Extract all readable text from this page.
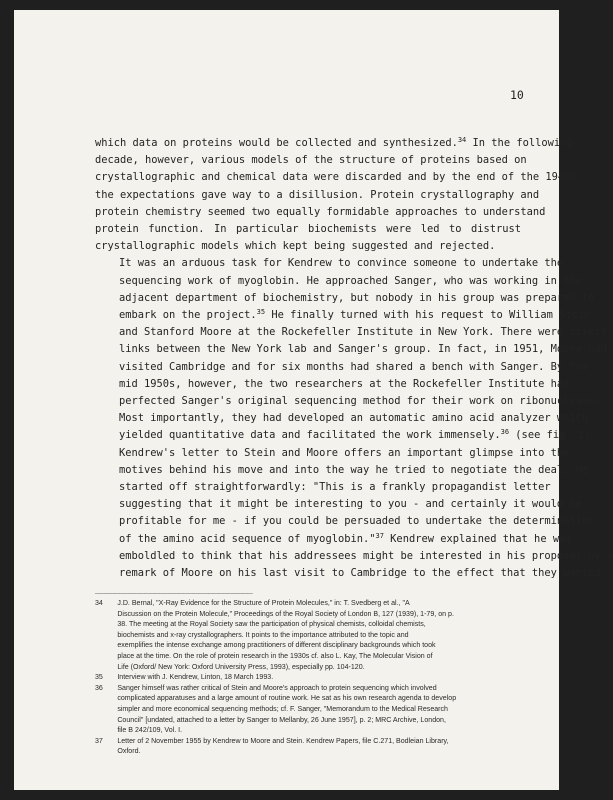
10

which data on proteins would be collected and synthesized.$^{34}$ In the following
decade, however, various models of the structure of proteins based on
crystallographic and chemical data were discarded and by the end of the 1940s
the expectations gave way to a disillusion. Protein crystallography and
protein chemistry seemed two equally formidable approaches to understand
protein function. In particular biochemists were led to distrust
crystallographic models which kept being suggested and rejected.

It was an arduous task for Kendrew to convince someone to undertake the
sequencing work of myoglobin. He approached Sanger, who was working in the
adjacent department of biochemistry, but nobody in his group was prepared to
embark on the project.$^{35}$ He finally turned with his request to William Stein
and Stanford Moore at the Rockefeller Institute in New York. There were direct
links between the New York lab and Sanger's group. In fact, in 1951, Moore had
visited Cambridge and for six months had shared a bench with Sanger. By the
mid 1950s, however, the two researchers at the Rockefeller Institute had
perfected Sanger's original sequencing method for their work on ribonuclease.
Most importantly, they had developed an automatic amino acid analyzer which
yielded quantitative data and facilitated the work immensely.$^{36}$ (see fig. 1)

Kendrew's letter to Stein and Moore offers an important glimpse into the
motives behind his move and into the way he tried to negotiate the deal. He
started off straightforwardly: "This is a frankly propagandist letter
suggesting that it might be interesting to you - and certainly it would be
profitable for me - if you could be persuaded to undertake the determination
of the amino acid sequence of myoglobin."$^{37}$ Kendrew explained that he was
emboldled to think that his addressees might be interested in his proposal by a
remark of Moore on his last visit to Cambridge to the effect that they wanted

________________________________
34	J.D. Bernal, "X-Ray Evidence for the Structure of Protein Molecules," in: T. Svedberg et al., "A
Discussion on the Protein Molecule," Proceedings of the Royal Society of London B, 127 (1939), 1-79, on p.
38. The meeting at the Royal Society saw the participation of physical chemists, colloidal chemists,
biochemists and x-ray crystallographers. It points to the importance attributed to the topic and
exemplifies the intense exchange among practitioners of different disciplinary backgrounds which took
place at the time. On the role of protein research in the 1930s cf. also L. Kay, The Molecular Vision of
Life (Oxford/ New York: Oxford University Press, 1993), especially pp. 104-120.
35	Interview with J. Kendrew, Linton, 18 March 1993.
36	Sanger himself was rather critical of Stein and Moore's approach to protein sequencing which involved
complicated apparatuses and a large amount of routine work. He sat as his own research agenda to develop
simpler and more economical sequencing methods; cf. F. Sanger, "Memorandum to the Medical Research
Council" [undated, attached to a letter by Sanger to Mellanby, 26 June 1957], p. 2; MRC Archive, London,
file B 242/109, Vol. I.
37	Letter of 2 November 1955 by Kendrew to Moore and Stein. Kendrew Papers, file C.271, Bodleian Library,
Oxford.
